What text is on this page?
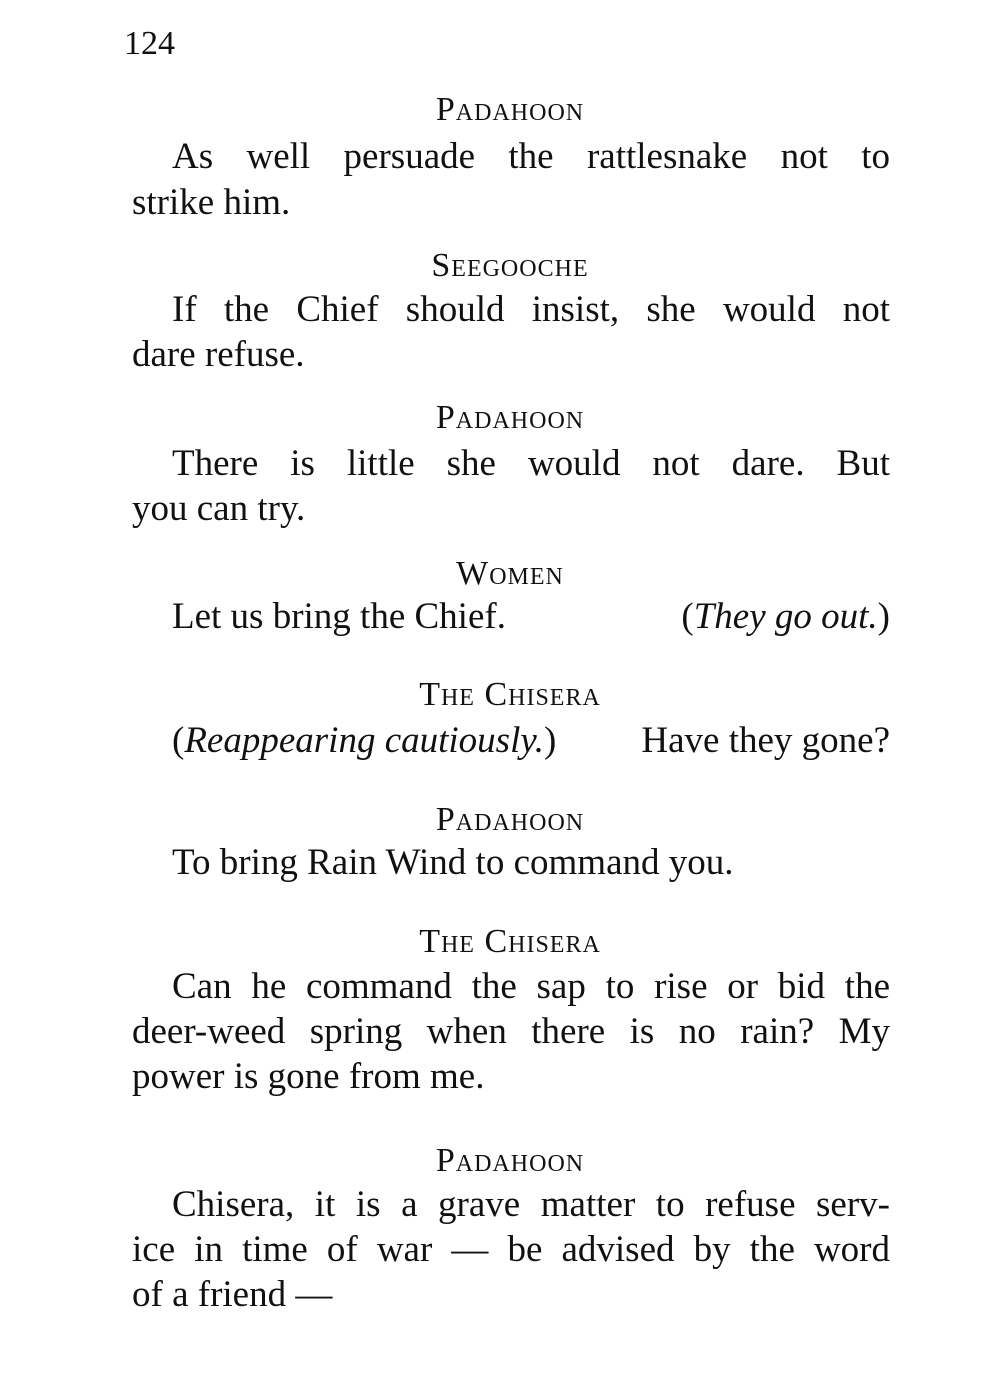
124
Padahoon
As well persuade the rattlesnake not to
strike him.
Seegooche
If the Chief should insist, she would not
dare refuse.
Padahoon
There is little she would not dare. But
you can try.
Women
Let us bring the Chief.	(They go out.)
The Chisera
(Reappearing cautiously.) Have they gone?
Padahoon
To bring Rain Wind to command you.
The Chisera
Can he command the sap to rise or bid the
deer-weed spring when there is no rain? My
power is gone from me.
Padahoon
Chisera, it is a grave matter to refuse serv-
ice in time of war — be advised by the word
of a friend —
